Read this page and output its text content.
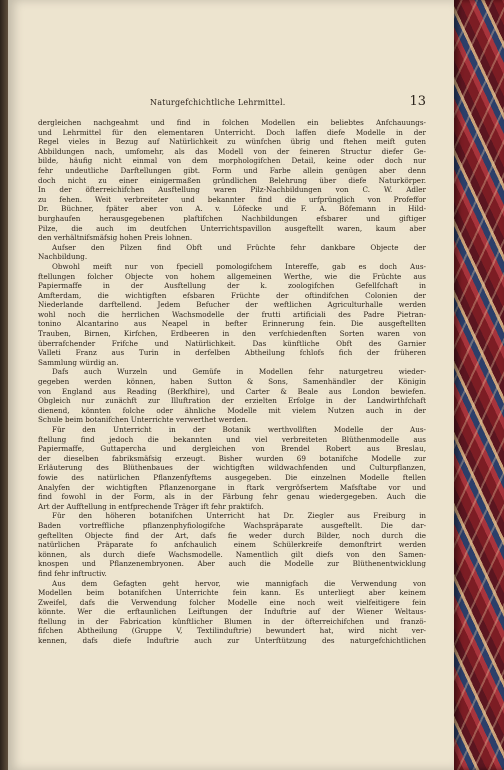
Naturgefchichtliche Lehrmittel.	13
dergleichen nachgeahmt und find in folchen Modellen ein beliebtes Anfchauungs-
und Lehrmittel für den elementaren Unterricht. Doch laffen diefe Modelle in der
Regel vieles in Bezug auf Natürlichkeit zu wünfchen übrig und ftehen meift guten
Abbildungen nach, umfomehr, als das Modell von der feineren Structur diefer Ge-
bilde, häufig nicht einmal von dem morphologifchen Detail, keine oder doch nur
fehr undeutliche Darftellungen gibt. Form und Farbe allein genügen aber denn
doch nicht zu einer einigermaßen gründlichen Belehrung über diefe Naturkörper.
In der öfterreichifchen Ausftellung waren Pilz-Nachbildungen von C. W. Adler
zu fehen. Weit verbreiteter und bekannter find die urfprünglich von Profeffor
Dr. Büchner, fpäter aber von A. v. Löfecke und F. A. Böfemann in Hild-
burghaufen herausgegebenen plaftifchen Nachbildungen efsbarer und giftiger
Pilze, die auch im deutfchen Unterrichtspavillon ausgeftellt waren, kaum aber
den verhältnifsmäfsig hohen Preis lohnen.
Aufser den Pilzen find Obft und Früchte fehr dankbare Objecte der
Nachbildung.
Obwohl meift nur von fpeciell pomologifchem Intereffe, gab es doch Aus-
ftellungen folcher Objecte von hohem allgemeinen Werthe, wie die Früchte aus
Papiermaffe in der Ausftellung der k. zoologifchen Gefellfchaft in
Amfterdam, die wichtigften efsbaren Früchte der oftindifchen Colonien der
Niederlande darftellend. Jedem Befucher der weftlichen Agriculturhalle werden
wohl noch die herrlichen Wachsmodelle der frutti artificiali des Padre Pietran-
tonino Alcantarino aus Neapel in befter Erinnerung fein. Die ausgeftellten
Trauben, Birnen, Kirfchen, Erdbeeren in den verfchiedenften Sorten waren von
überrafchender Frifche und Natürlichkeit. Das künftliche Obft des Garnier
Valleti Franz aus Turin in derfelben Abtheilung fchlofs fich der früheren
Sammlung würdig an.
Dafs auch Wurzeln und Gemüfe in Modellen fehr naturgetreu wieder-
gegeben werden können, haben Sutton & Sons, Samenhändler der Königin
von England aus Reading (Berkfhire), und Carter & Beale aus London bewiefen.
Obgleich nur zunächft zur Illuftration der erzielten Erfolge in der Landwirthfchaft
dienend, könnten folche oder ähnliche Modelle mit vielem Nutzen auch in der
Schule beim botanifchen Unterrichte verwerthet werden.
Für den Unterricht in der Botanik werthvollften Modelle der Aus-
ftellung find jedoch die bekannten und viel verbreiteten Blüthenmodelle aus
Papiermaffe, Guttapercha und dergleichen von Brendel Robert aus Breslau,
der dieselben fabriksmäfsig erzeugt. Bisher wurden 69 botanifche Modelle zur
Erläuterung des Blüthenbaues der wichtigften wildwachfenden und Culturpflanzen,
fowie des natürlichen Pflanzenfyftems ausgegeben. Die einzelnen Modelle ftellen
Analyfen der wichtigften Pflanzenorgane in ftark vergröfsertem Mafsftabe vor und
find fowohl in der Form, als in der Färbung fehr genau wiedergegeben. Auch die
Art der Aufftellung in entfprechende Träger ift fehr praktifch.
Für den höheren botanifchen Unterricht hat Dr. Ziegler aus Freiburg in
Baden vortreffliche pflanzenphyfiologifche Wachspräparate ausgeftellt. Die dar-
geftellten Objecte find der Art, dafs fie weder durch Bilder, noch durch die
natürlichen Präparate fo anfchaulich einem Schülerkreife demonftrirt werden
können, als durch diefe Wachsmodelle. Namentlich gilt diefs von den Samen-
knospen und Pflanzenembryonen. Aber auch die Modelle zur Blüthenentwicklung
find fehr inftructiv.
Aus dem Gefagten geht hervor, wie mannigfach die Verwendung von
Modellen beim botanifchen Unterrichte fein kann. Es unterliegt aber keinem
Zweifel, dafs die Verwendung folcher Modelle eine noch weit vielfeitigere fein
könnte. Wer die erftaunlichen Leiftungen der Induftrie auf der Wiener Weltaus-
ftellung in der Fabrication künftlicher Blumen in der öfterreichifchen und franzö-
fifchen Abtheilung (Gruppe V, Textilinduftrie) bewundert hat, wird nicht ver-
kennen, dafs diefe Induftrie auch zur Unterftützung des naturgefchichtlichen
